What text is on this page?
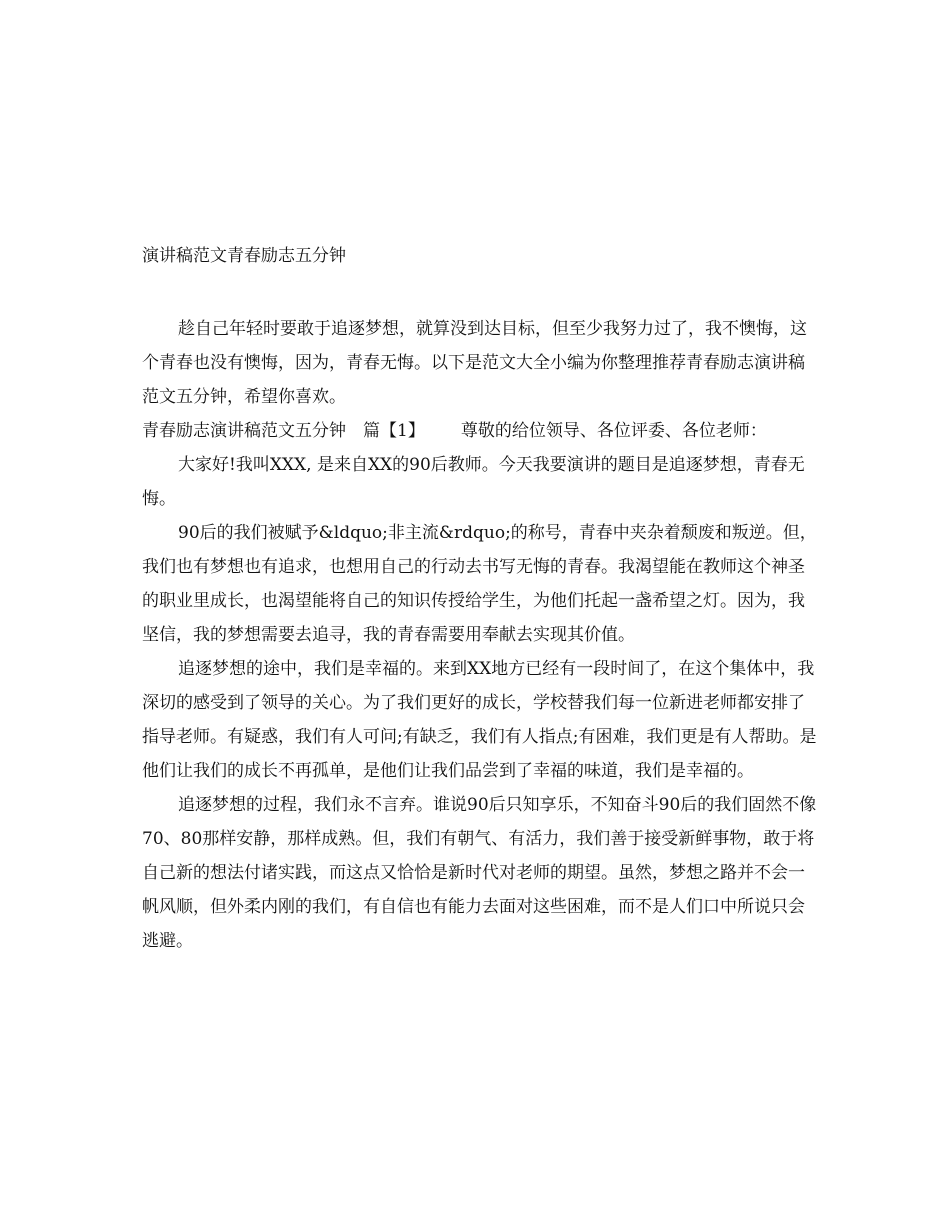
演讲稿范文青春励志五分钟

趁自己年轻时要敢于追逐梦想，就算没到达目标，但至少我努力过了，我不懊悔，这个青春也没有懊悔，因为，青春无悔。以下是范文大全小编为你整理推荐青春励志演讲稿范文五分钟，希望你喜欢。

青春励志演讲稿范文五分钟　篇【1】 尊敬的给位领导、各位评委、各位老师：

大家好!我叫XXX, 是来自XX的90后教师。今天我要演讲的题目是追逐梦想，青春无悔。

90后的我们被赋予&ldquo;非主流&rdquo;的称号，青春中夹杂着颓废和叛逆。但，我们也有梦想也有追求，也想用自己的行动去书写无悔的青春。我渴望能在教师这个神圣的职业里成长，也渴望能将自己的知识传授给学生，为他们托起一盏希望之灯。因为，我坚信，我的梦想需要去追寻，我的青春需要用奉献去实现其价值。

追逐梦想的途中，我们是幸福的。来到XX地方已经有一段时间了，在这个集体中，我深切的感受到了领导的关心。为了我们更好的成长，学校替我们每一位新进老师都安排了指导老师。有疑惑，我们有人可问;有缺乏，我们有人指点;有困难，我们更是有人帮助。是他们让我们的成长不再孤单，是他们让我们品尝到了幸福的味道，我们是幸福的。

追逐梦想的过程，我们永不言弃。谁说90后只知享乐，不知奋斗90后的我们固然不像70、80那样安静，那样成熟。但，我们有朝气、有活力，我们善于接受新鲜事物，敢于将自己新的想法付诸实践，而这点又恰恰是新时代对老师的期望。虽然，梦想之路并不会一帆风顺，但外柔内刚的我们，有自信也有能力去面对这些困难，而不是人们口中所说只会逃避。
